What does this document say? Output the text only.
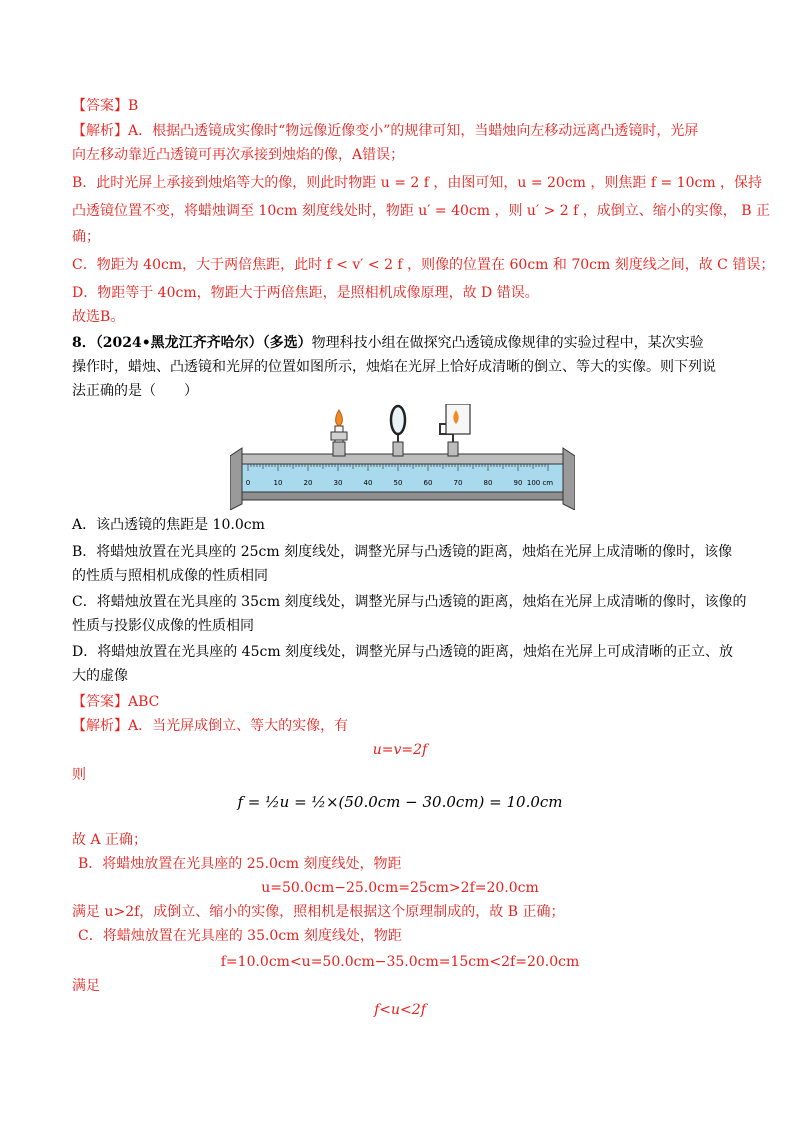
【答案】B
【解析】A．根据凸透镜成实像时“物远像近像变小”的规律可知，当蜡烛向左移动远离凸透镜时，光屏
向左移动靠近凸透镜可再次承接到烛焰的像，A错误；
B．此时光屏上承接到烛焰等大的像，则此时物距 u = 2 f ，由图可知，u = 20cm ，则焦距 f = 10cm ，保持
凸透镜位置不变，将蜡烛调至 10cm 刻度线处时，物距 u′ = 40cm ，则 u′ > 2 f ，成倒立、缩小的实像， B 正
确；
C．物距为 40cm，大于两倍焦距，此时 f < v′ < 2 f ，则像的位置在 60cm 和 70cm 刻度线之间，故 C 错误；
D．物距等于 40cm，物距大于两倍焦距，是照相机成像原理，故 D 错误。
故选B。
8．（2024•黑龙江齐齐哈尔）（多选）物理科技小组在做探究凸透镜成像规律的实验过程中，某次实验
操作时，蜡烛、凸透镜和光屏的位置如图所示，烛焰在光屏上恰好成清晰的倒立、等大的实像。则下列说
法正确的是（　　）
0	10	20	30	40	50	60	70	80	90 100 cm
A．该凸透镜的焦距是 10.0cm
B．将蜡烛放置在光具座的 25cm 刻度线处，调整光屏与凸透镜的距离，烛焰在光屏上成清晰的像时，该像
的性质与照相机成像的性质相同
C．将蜡烛放置在光具座的 35cm 刻度线处，调整光屏与凸透镜的距离，烛焰在光屏上成清晰的像时，该像的
性质与投影仪成像的性质相同
D．将蜡烛放置在光具座的 45cm 刻度线处，调整光屏与凸透镜的距离，烛焰在光屏上可成清晰的正立、放
大的虚像
【答案】ABC
【解析】A．当光屏成倒立、等大的实像，有
u=v=2f
则
f = ½u = ½×(50.0cm − 30.0cm) = 10.0cm
故 A 正确；
B．将蜡烛放置在光具座的 25.0cm 刻度线处，物距
u=50.0cm−25.0cm=25cm>2f=20.0cm
满足 u>2f，成倒立、缩小的实像，照相机是根据这个原理制成的，故 B 正确；
C．将蜡烛放置在光具座的 35.0cm 刻度线处，物距
f=10.0cm<u=50.0cm−35.0cm=15cm<2f=20.0cm
满足
f<u<2f
